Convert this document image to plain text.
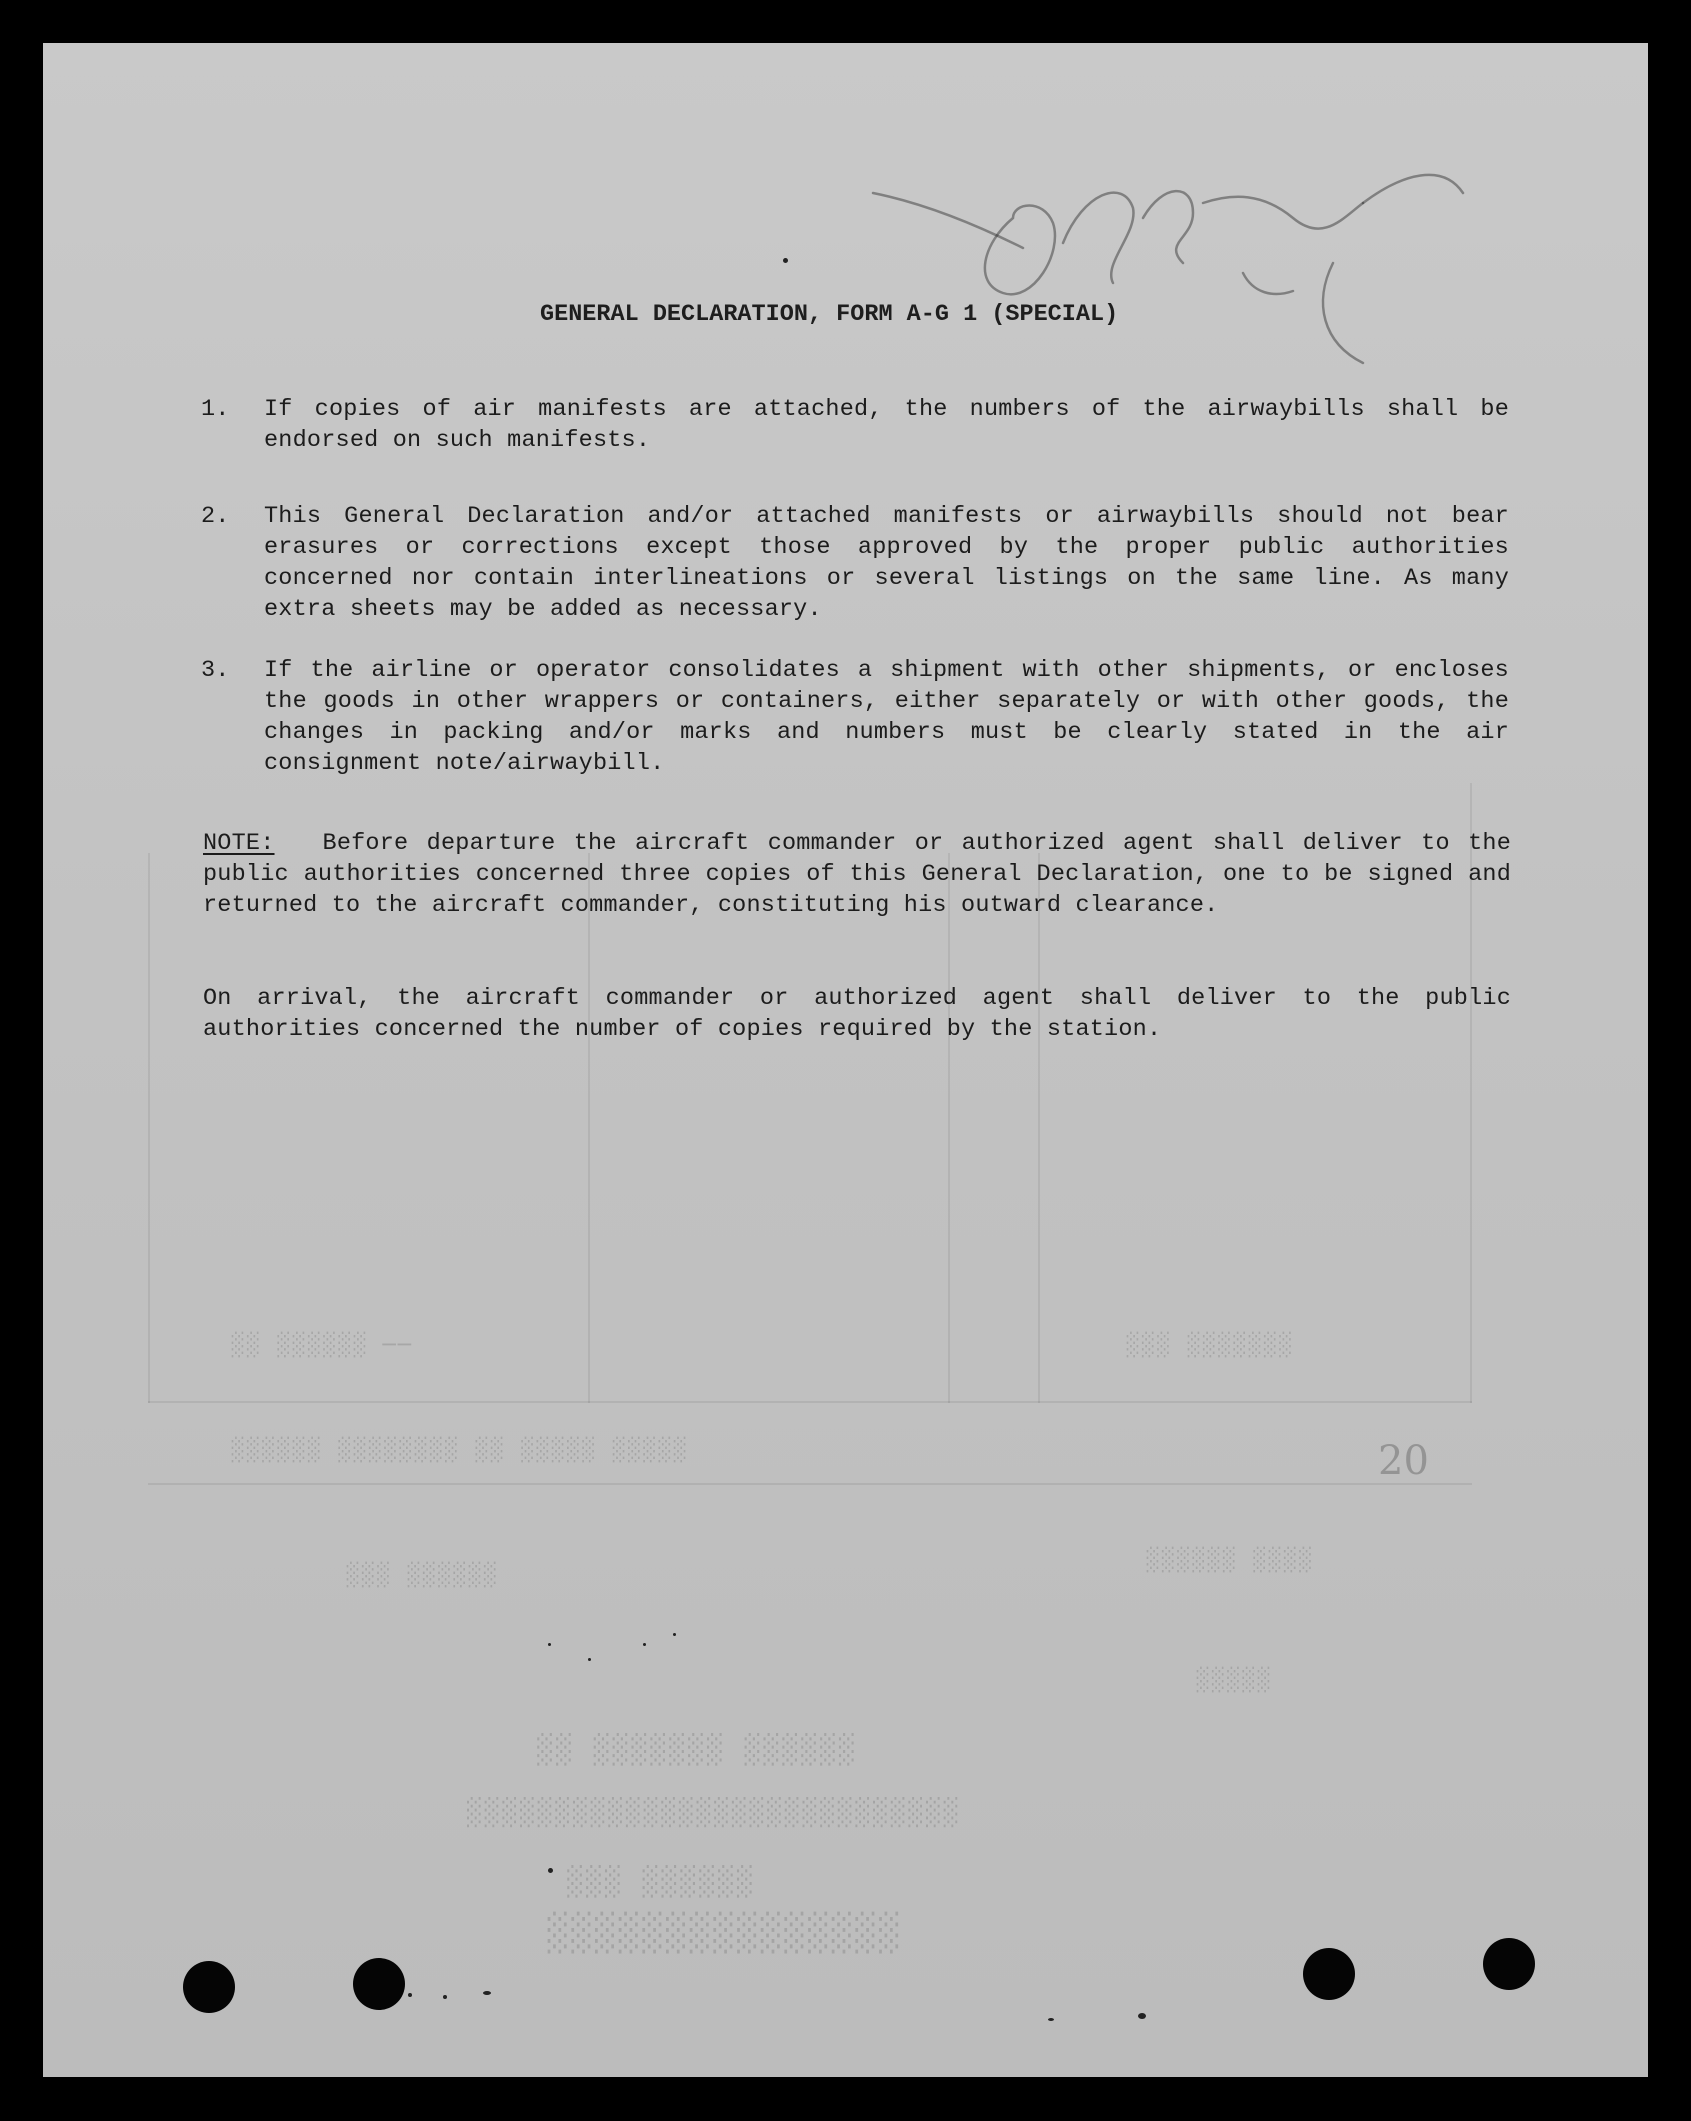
── ░░░░░░ ░░	░░░░░░░ ░░░
░░░░░ ░░░░░ ░░ ░░░░░░░░ ░░░░░░
░░░░░░ ░░░
░░░░ ░░░░░░
░░░░░
░░░░░░ ░░░░░░░ ░░
░░░░░░░░░░░░░░░░░░░░░░░░░░░░
░░░░░░ ░░░
░░░░░░░░░░░░░░░
20
GENERAL DECLARATION, FORM A-G 1 (SPECIAL)
1.	If copies of air manifests are attached, the numbers of the airwaybills shall be endorsed on such manifests.

2.	This General Declaration and/or attached manifests or airwaybills should not bear erasures or corrections except those approved by the proper public authorities concerned nor contain interlineations or several listings on the same line. As many extra sheets may be added as necessary.

3.	If the airline or operator consolidates a shipment with other shipments, or encloses the goods in other wrappers or containers, either separately or with other goods, the changes in packing and/or marks and numbers must be clearly stated in the air consignment note/airwaybill.

NOTE: Before departure the aircraft commander or authorized agent shall deliver to the public authorities concerned three copies of this General Declaration, one to be signed and returned to the aircraft commander, constituting his outward clearance.

On arrival, the aircraft commander or authorized agent shall deliver to the public authorities concerned the number of copies required by the station.
